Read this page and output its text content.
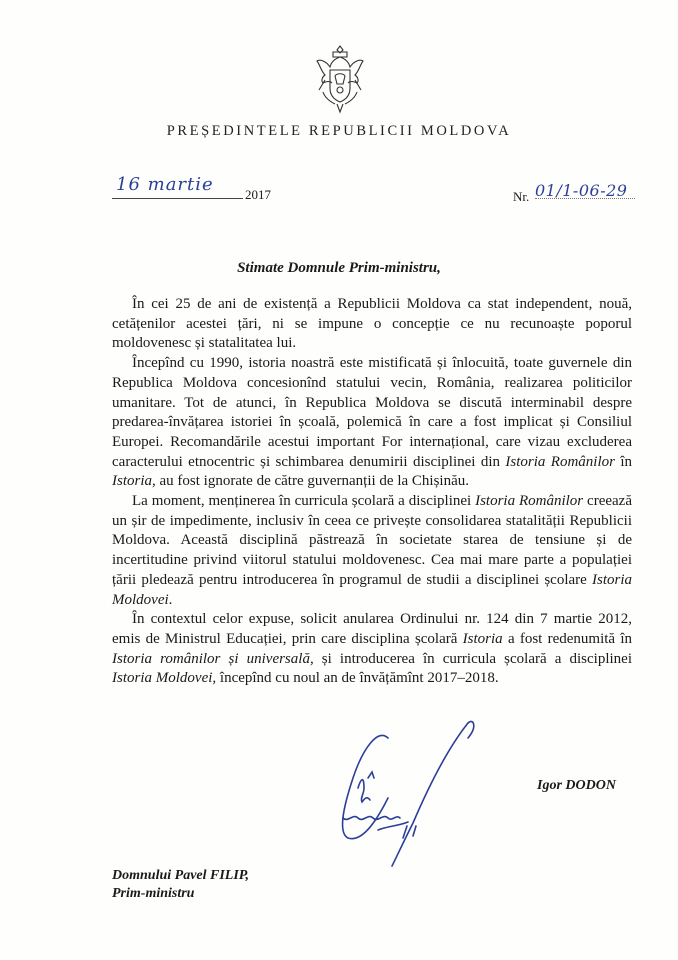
PREȘEDINTELE REPUBLICII MOLDOVA
16 martie 2017	Nr. 01/1-06-29
Stimate Domnule Prim-ministru,

În cei 25 de ani de existență a Republicii Moldova ca stat independent, nouă, cetățenilor acestei țări, ni se impune o concepție ce nu recunoaște poporul moldovenesc și statalitatea lui.

Începînd cu 1990, istoria noastră este mistificată și înlocuită, toate guvernele din Republica Moldova concesionînd statului vecin, România, realizarea politicilor umanitare. Tot de atunci, în Republica Moldova se discută interminabil despre predarea-învățarea istoriei în școală, polemică în care a fost implicat și Consiliul Europei. Recomandările acestui important For internațional, care vizau excluderea caracterului etnocentric și schimbarea denumirii disciplinei din Istoria Românilor în Istoria, au fost ignorate de către guvernanții de la Chișinău.

La moment, menținerea în curricula școlară a disciplinei Istoria Românilor creează un șir de impedimente, inclusiv în ceea ce privește consolidarea statalității Republicii Moldova. Această disciplină păstrează în societate starea de tensiune și de incertitudine privind viitorul statului moldovenesc. Cea mai mare parte a populației țării pledează pentru introducerea în programul de studii a disciplinei școlare Istoria Moldovei.

În contextul celor expuse, solicit anularea Ordinului nr. 124 din 7 martie 2012, emis de Ministrul Educației, prin care disciplina școlară Istoria a fost redenumită în Istoria românilor și universală, și introducerea în curricula școlară a disciplinei Istoria Moldovei, începînd cu noul an de învățămînt 2017–2018.

Igor DODON
Domnului Pavel FILIP,
Prim-ministru
